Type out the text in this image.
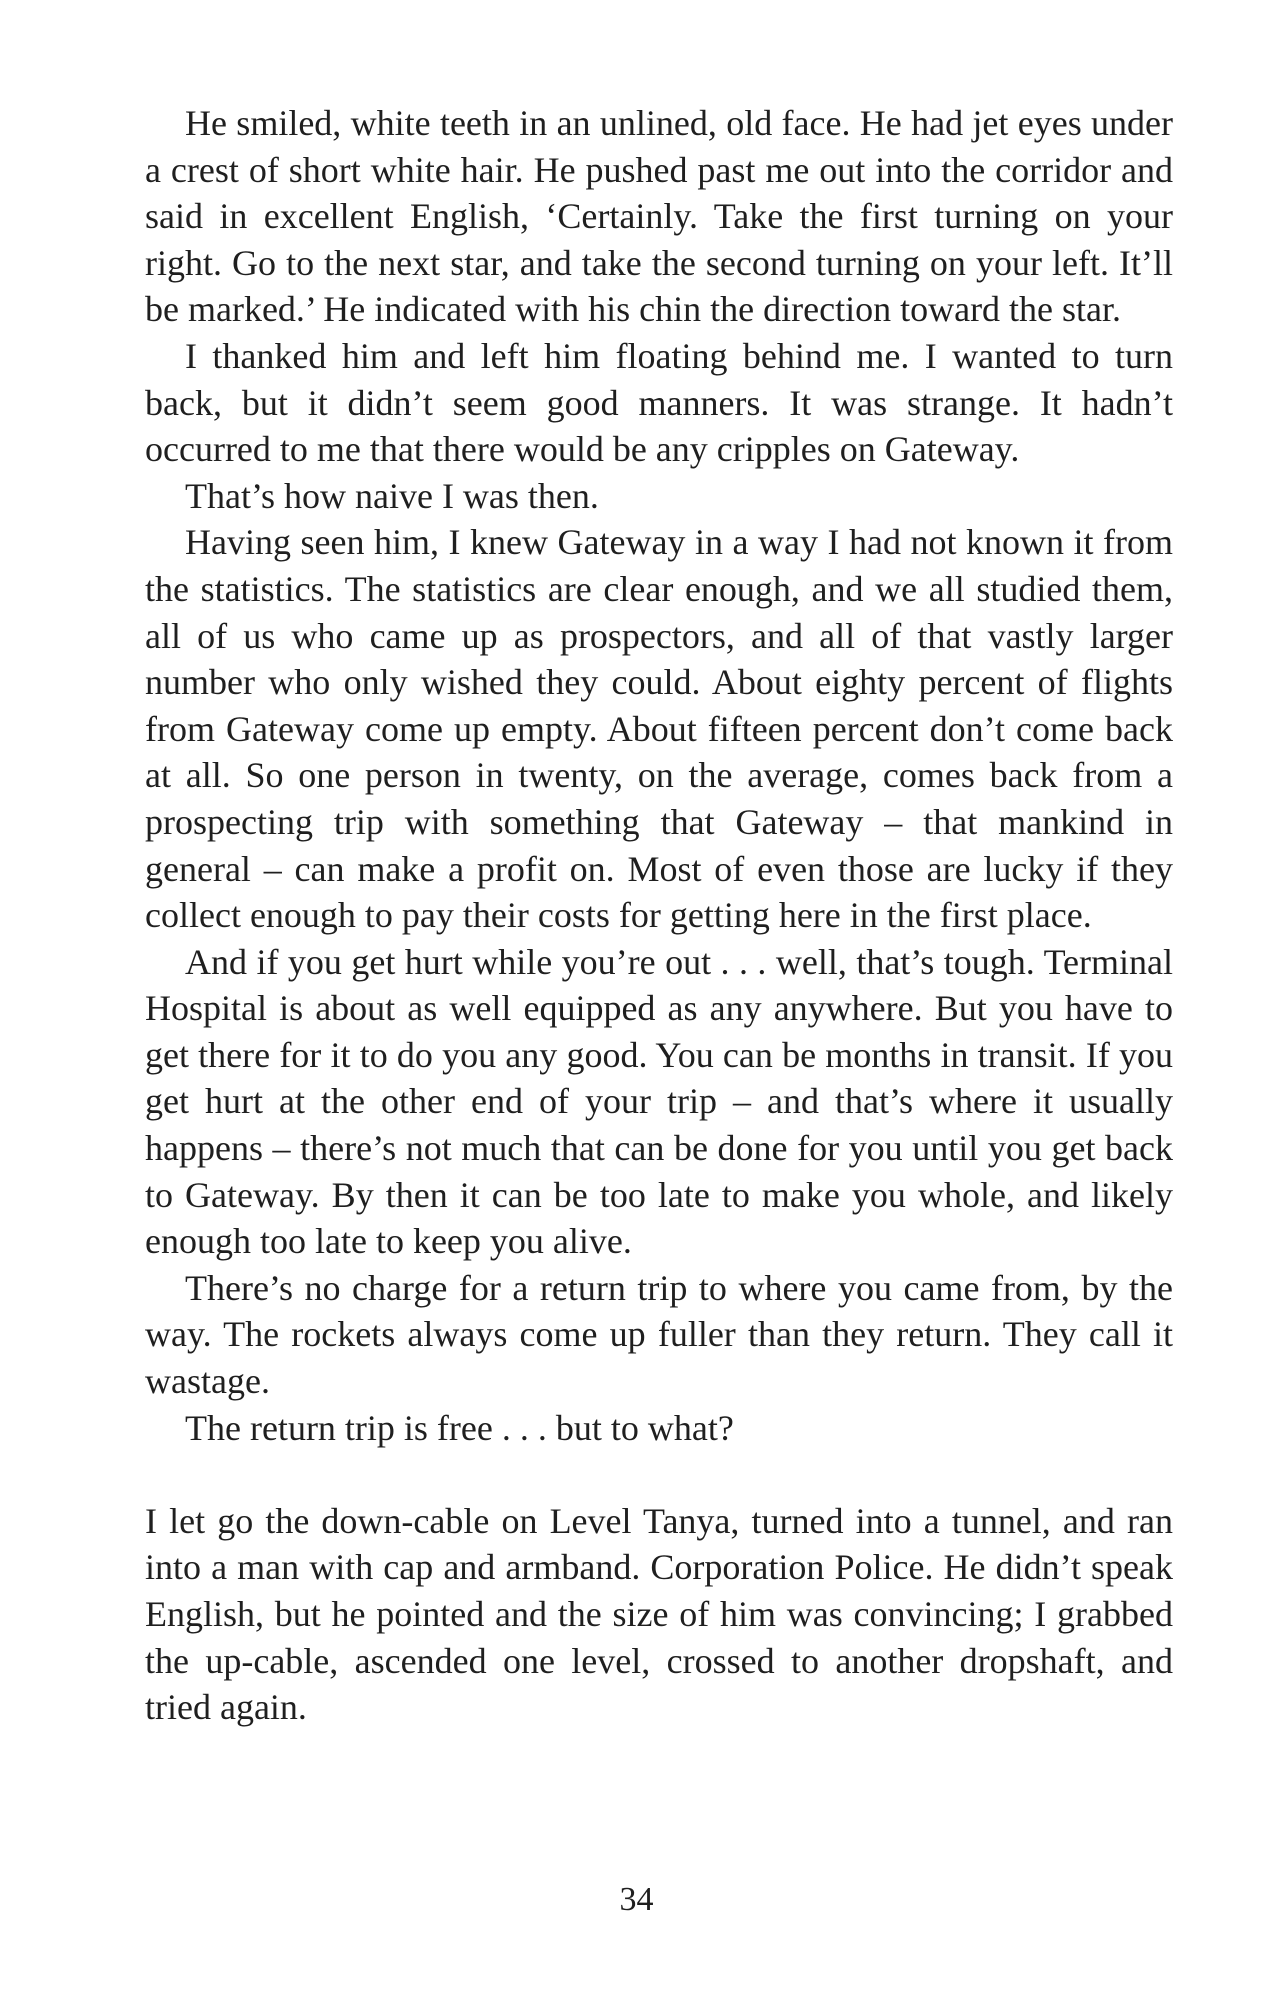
He smiled, white teeth in an unlined, old face. He had jet eyes under a crest of short white hair. He pushed past me out into the corridor and said in excellent English, ‘Certainly. Take the first turning on your right. Go to the next star, and take the second turning on your left. It’ll be marked.’ He indicated with his chin the direction toward the star.

I thanked him and left him floating behind me. I wanted to turn back, but it didn’t seem good manners. It was strange. It hadn’t occurred to me that there would be any cripples on Gateway.

That’s how naive I was then.

Having seen him, I knew Gateway in a way I had not known it from the statistics. The statistics are clear enough, and we all studied them, all of us who came up as prospectors, and all of that vastly larger number who only wished they could. About eighty percent of flights from Gateway come up empty. About fifteen percent don’t come back at all. So one person in twenty, on the average, comes back from a prospecting trip with something that Gateway – that mankind in general – can make a profit on. Most of even those are lucky if they collect enough to pay their costs for getting here in the first place.

And if you get hurt while you’re out . . . well, that’s tough. Terminal Hospital is about as well equipped as any anywhere. But you have to get there for it to do you any good. You can be months in transit. If you get hurt at the other end of your trip – and that’s where it usually happens – there’s not much that can be done for you until you get back to Gateway. By then it can be too late to make you whole, and likely enough too late to keep you alive.

There’s no charge for a return trip to where you came from, by the way. The rockets always come up fuller than they return. They call it wastage.

The return trip is free . . . but to what?

I let go the down-cable on Level Tanya, turned into a tunnel, and ran into a man with cap and armband. Corporation Police. He didn’t speak English, but he pointed and the size of him was convincing; I grabbed the up-cable, ascended one level, crossed to another dropshaft, and tried again.

34
